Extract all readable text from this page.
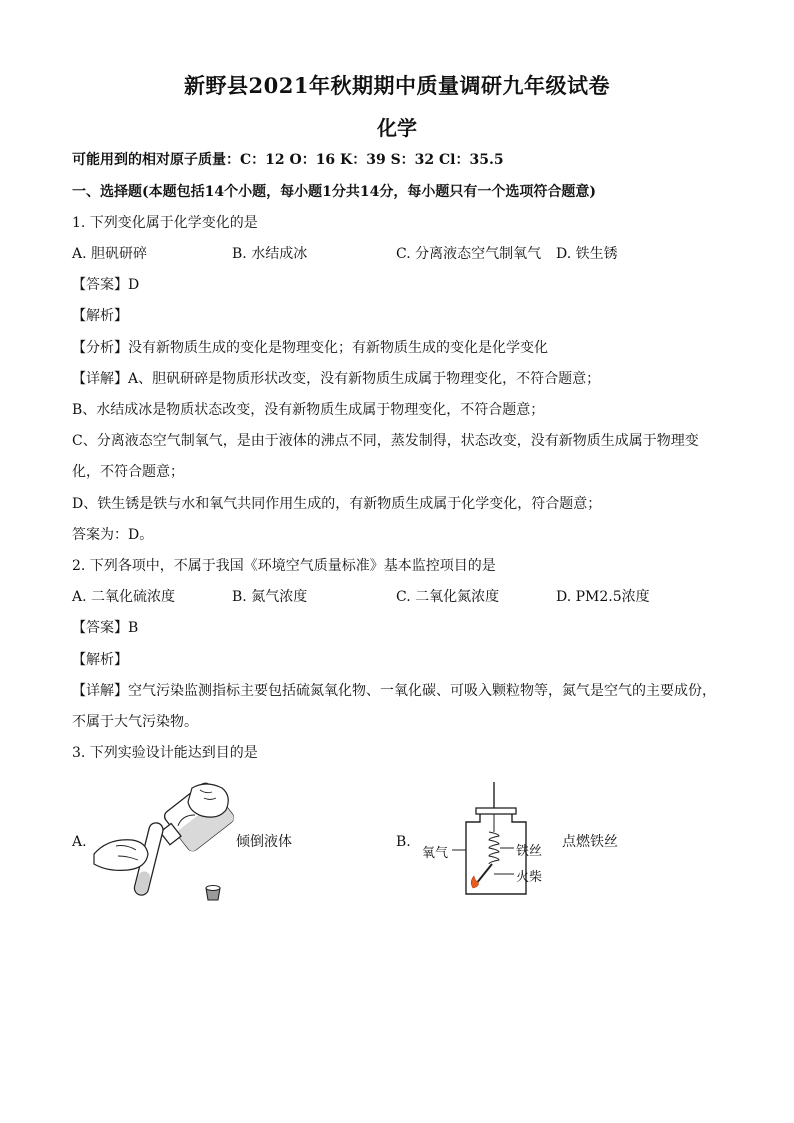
新野县2021年秋期期中质量调研九年级试卷
化学
可能用到的相对原子质量：C：12 O：16 K：39 S：32 Cl：35.5
一、选择题(本题包括14个小题，每小题1分共14分，每小题只有一个选项符合题意)
1. 下列变化属于化学变化的是
A. 胆矾研碎	B. 水结成冰	C. 分离液态空气制氧气 D. 铁生锈
【答案】D
【解析】
【分析】没有新物质生成的变化是物理变化；有新物质生成的变化是化学变化
【详解】A、胆矾研碎是物质形状改变，没有新物质生成属于物理变化，不符合题意；
B、水结成冰是物质状态改变，没有新物质生成属于物理变化，不符合题意；
C、分离液态空气制氧气，是由于液体的沸点不同，蒸发制得，状态改变，没有新物质生成属于物理变
化，不符合题意；
D、铁生锈是铁与水和氧气共同作用生成的，有新物质生成属于化学变化，符合题意；
答案为：D。
2. 下列各项中，不属于我国《环境空气质量标准》基本监控项目的是
A. 二氧化硫浓度	B. 氮气浓度	C. 二氧化氮浓度	D. PM2.5浓度
【答案】B
【解析】
【详解】空气污染监测指标主要包括硫氮氧化物、一氧化碳、可吸入颗粒物等，氮气是空气的主要成份，
不属于大气污染物。
3. 下列实验设计能达到目的是
A.	倾倒液体	B.
氧气	铁丝
火柴
点燃铁丝
